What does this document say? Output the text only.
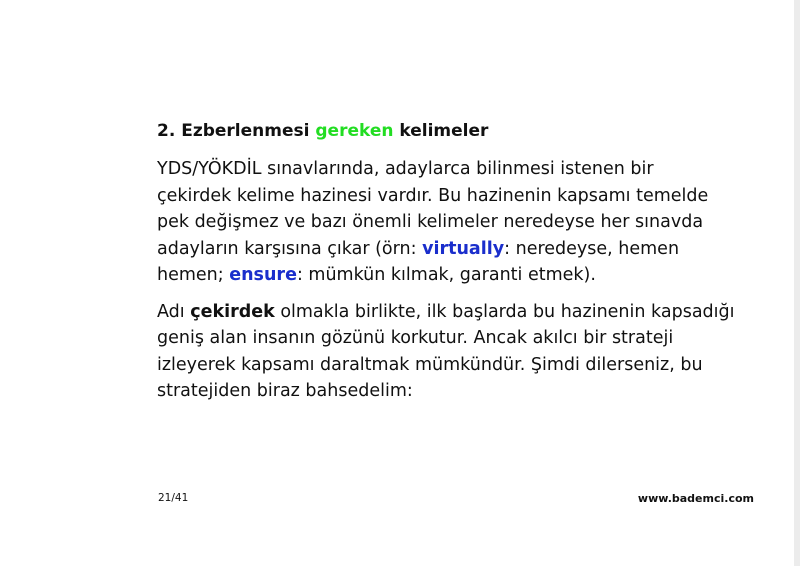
2. Ezberlenmesi gereken kelimeler
YDS/YÖKDİL sınavlarında, adaylarca bilinmesi istenen bir
çekirdek kelime hazinesi vardır. Bu hazinenin kapsamı temelde
pek değişmez ve bazı önemli kelimeler neredeyse her sınavda
adayların karşısına çıkar (örn: virtually: neredeyse, hemen
hemen; ensure: mümkün kılmak, garanti etmek).
Adı çekirdek olmakla birlikte, ilk başlarda bu hazinenin kapsadığı
geniş alan insanın gözünü korkutur. Ancak akılcı bir strateji
izleyerek kapsamı daraltmak mümkündür. Şimdi dilerseniz, bu
stratejiden biraz bahsedelim:
21/41	www.bademci.com
